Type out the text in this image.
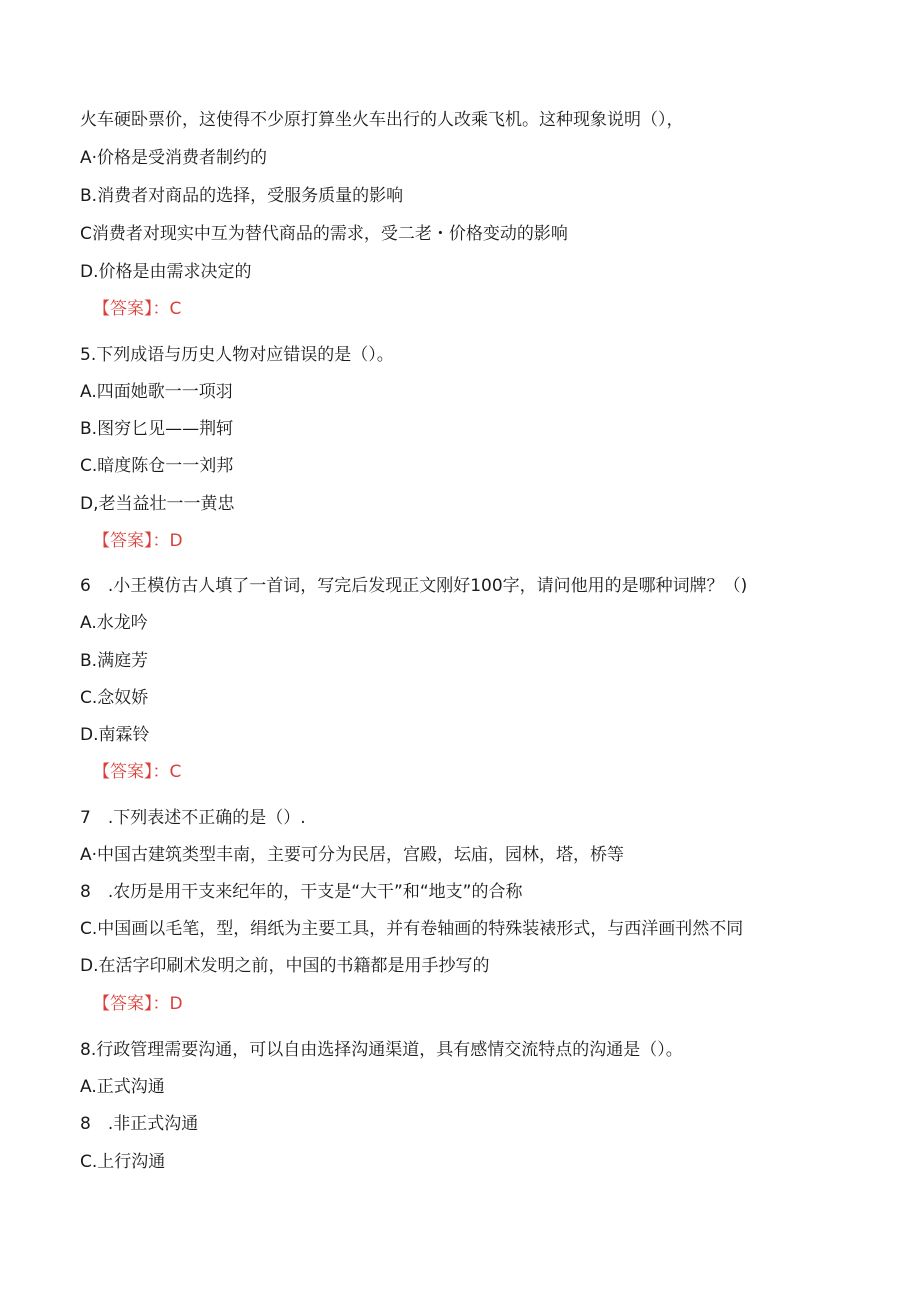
火车硬卧票价，这使得不少原打算坐火车出行的人改乘飞机。这种现象说明（），
A·价格是受消费者制约的
B.消费者对商品的选择，受服务质量的影响
C消费者对现实中互为替代商品的需求，受二老・价格变动的影响
D.价格是由需求决定的
【答案】：C
5.下列成语与历史人物对应错误的是（）。
A.四面她歌一一项羽
B.图穷匕见——荆轲
C.暗度陈仓一一刘邦
D,老当益壮一一黄忠
【答案】：D
6　.小王模仿古人填了一首词，写完后发现正文刚好100字，请问他用的是哪种词牌？（)
A.水龙吟
B.满庭芳
C.念奴娇
D.南霖铃
【答案】：C
7　.下列表述不正确的是（）.
A·中国古建筑类型丰南，主要可分为民居，宫殿，坛庙，园林，塔，桥等
8　.农历是用干支来纪年的，干支是“大干”和“地支”的合称
C.中国画以毛笔，型，绢纸为主要工具，并有卷轴画的特殊装裱形式，与西洋画刊然不同
D.在活字印刷术发明之前，中国的书籍都是用手抄写的
【答案】：D
8.行政管理需要沟通，可以自由选择沟通渠道，具有感情交流特点的沟通是（）。
A.正式沟通
8　.非正式沟通
C.上行沟通
